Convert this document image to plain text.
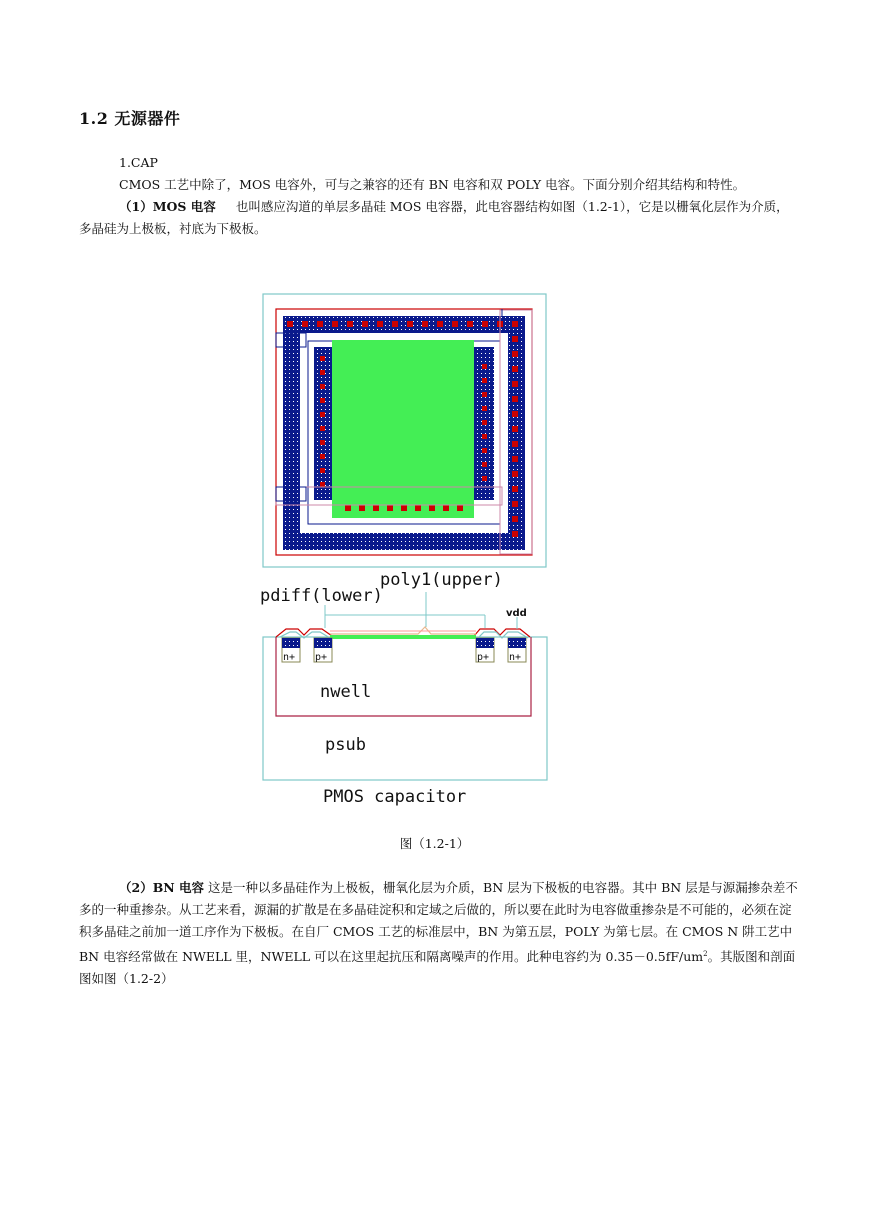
1.2 无源器件
1.CAP
CMOS 工艺中除了，MOS 电容外，可与之兼容的还有 BN 电容和双 POLY 电容。下面分别介绍其结构和特性。
（1）MOS 电容 也叫感应沟道的单层多晶硅 MOS 电容器，此电容器结构如图（1.2-1），它是以栅氧化层作为介质，多晶硅为上极板，衬底为下极板。
n+ p+	p+ n+
poly1(upper)
pdiff(lower)
vdd
nwell
psub
PMOS capacitor
图（1.2-1）
（2）BN 电容 这是一种以多晶硅作为上极板，栅氧化层为介质，BN 层为下极板的电容器。其中 BN 层是与源漏掺杂差不多的一种重掺杂。从工艺来看，源漏的扩散是在多晶硅淀积和定域之后做的，所以要在此时为电容做重掺杂是不可能的，必须在淀积多晶硅之前加一道工序作为下极板。在自厂 CMOS 工艺的标准层中，BN 为第五层，POLY 为第七层。在 CMOS N 阱工艺中 BN 电容经常做在 NWELL 里，NWELL 可以在这里起抗压和隔离噪声的作用。此种电容约为 $0.35-0.5fF/um^2$。其版图和剖面图如图（1.2-2）
